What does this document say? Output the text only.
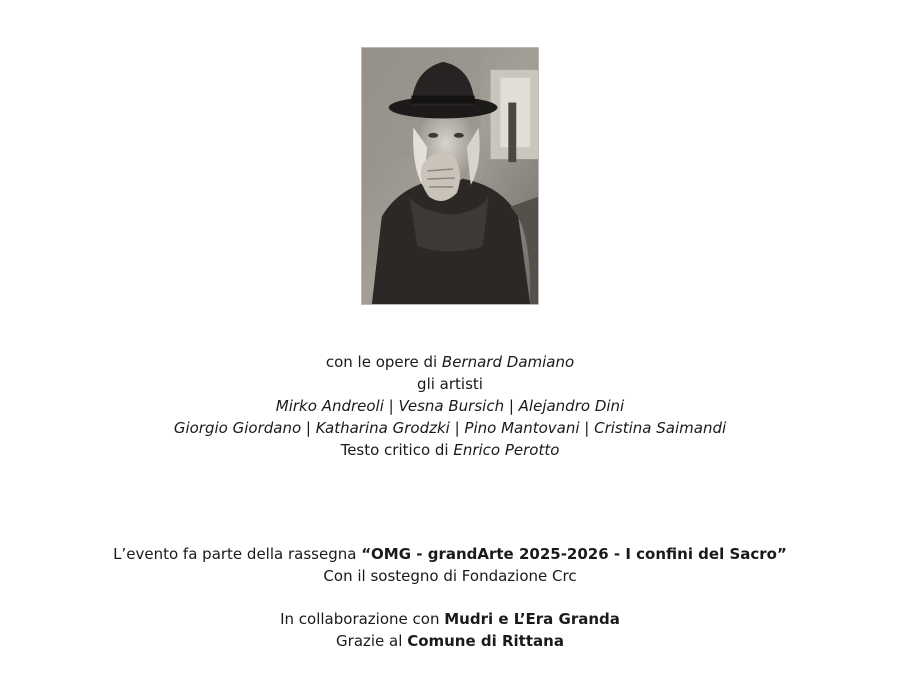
con le opere di Bernard Damiano
gli artisti
Mirko Andreoli | Vesna Bursich | Alejandro Dini
Giorgio Giordano | Katharina Grodzki | Pino Mantovani | Cristina Saimandi
Testo critico di Enrico Perotto
L’evento fa parte della rassegna “OMG - grandArte 2025-2026 - I confini del Sacro”
Con il sostegno di Fondazione Crc
In collaborazione con Mudri e L’Era Granda
Grazie al Comune di Rittana
